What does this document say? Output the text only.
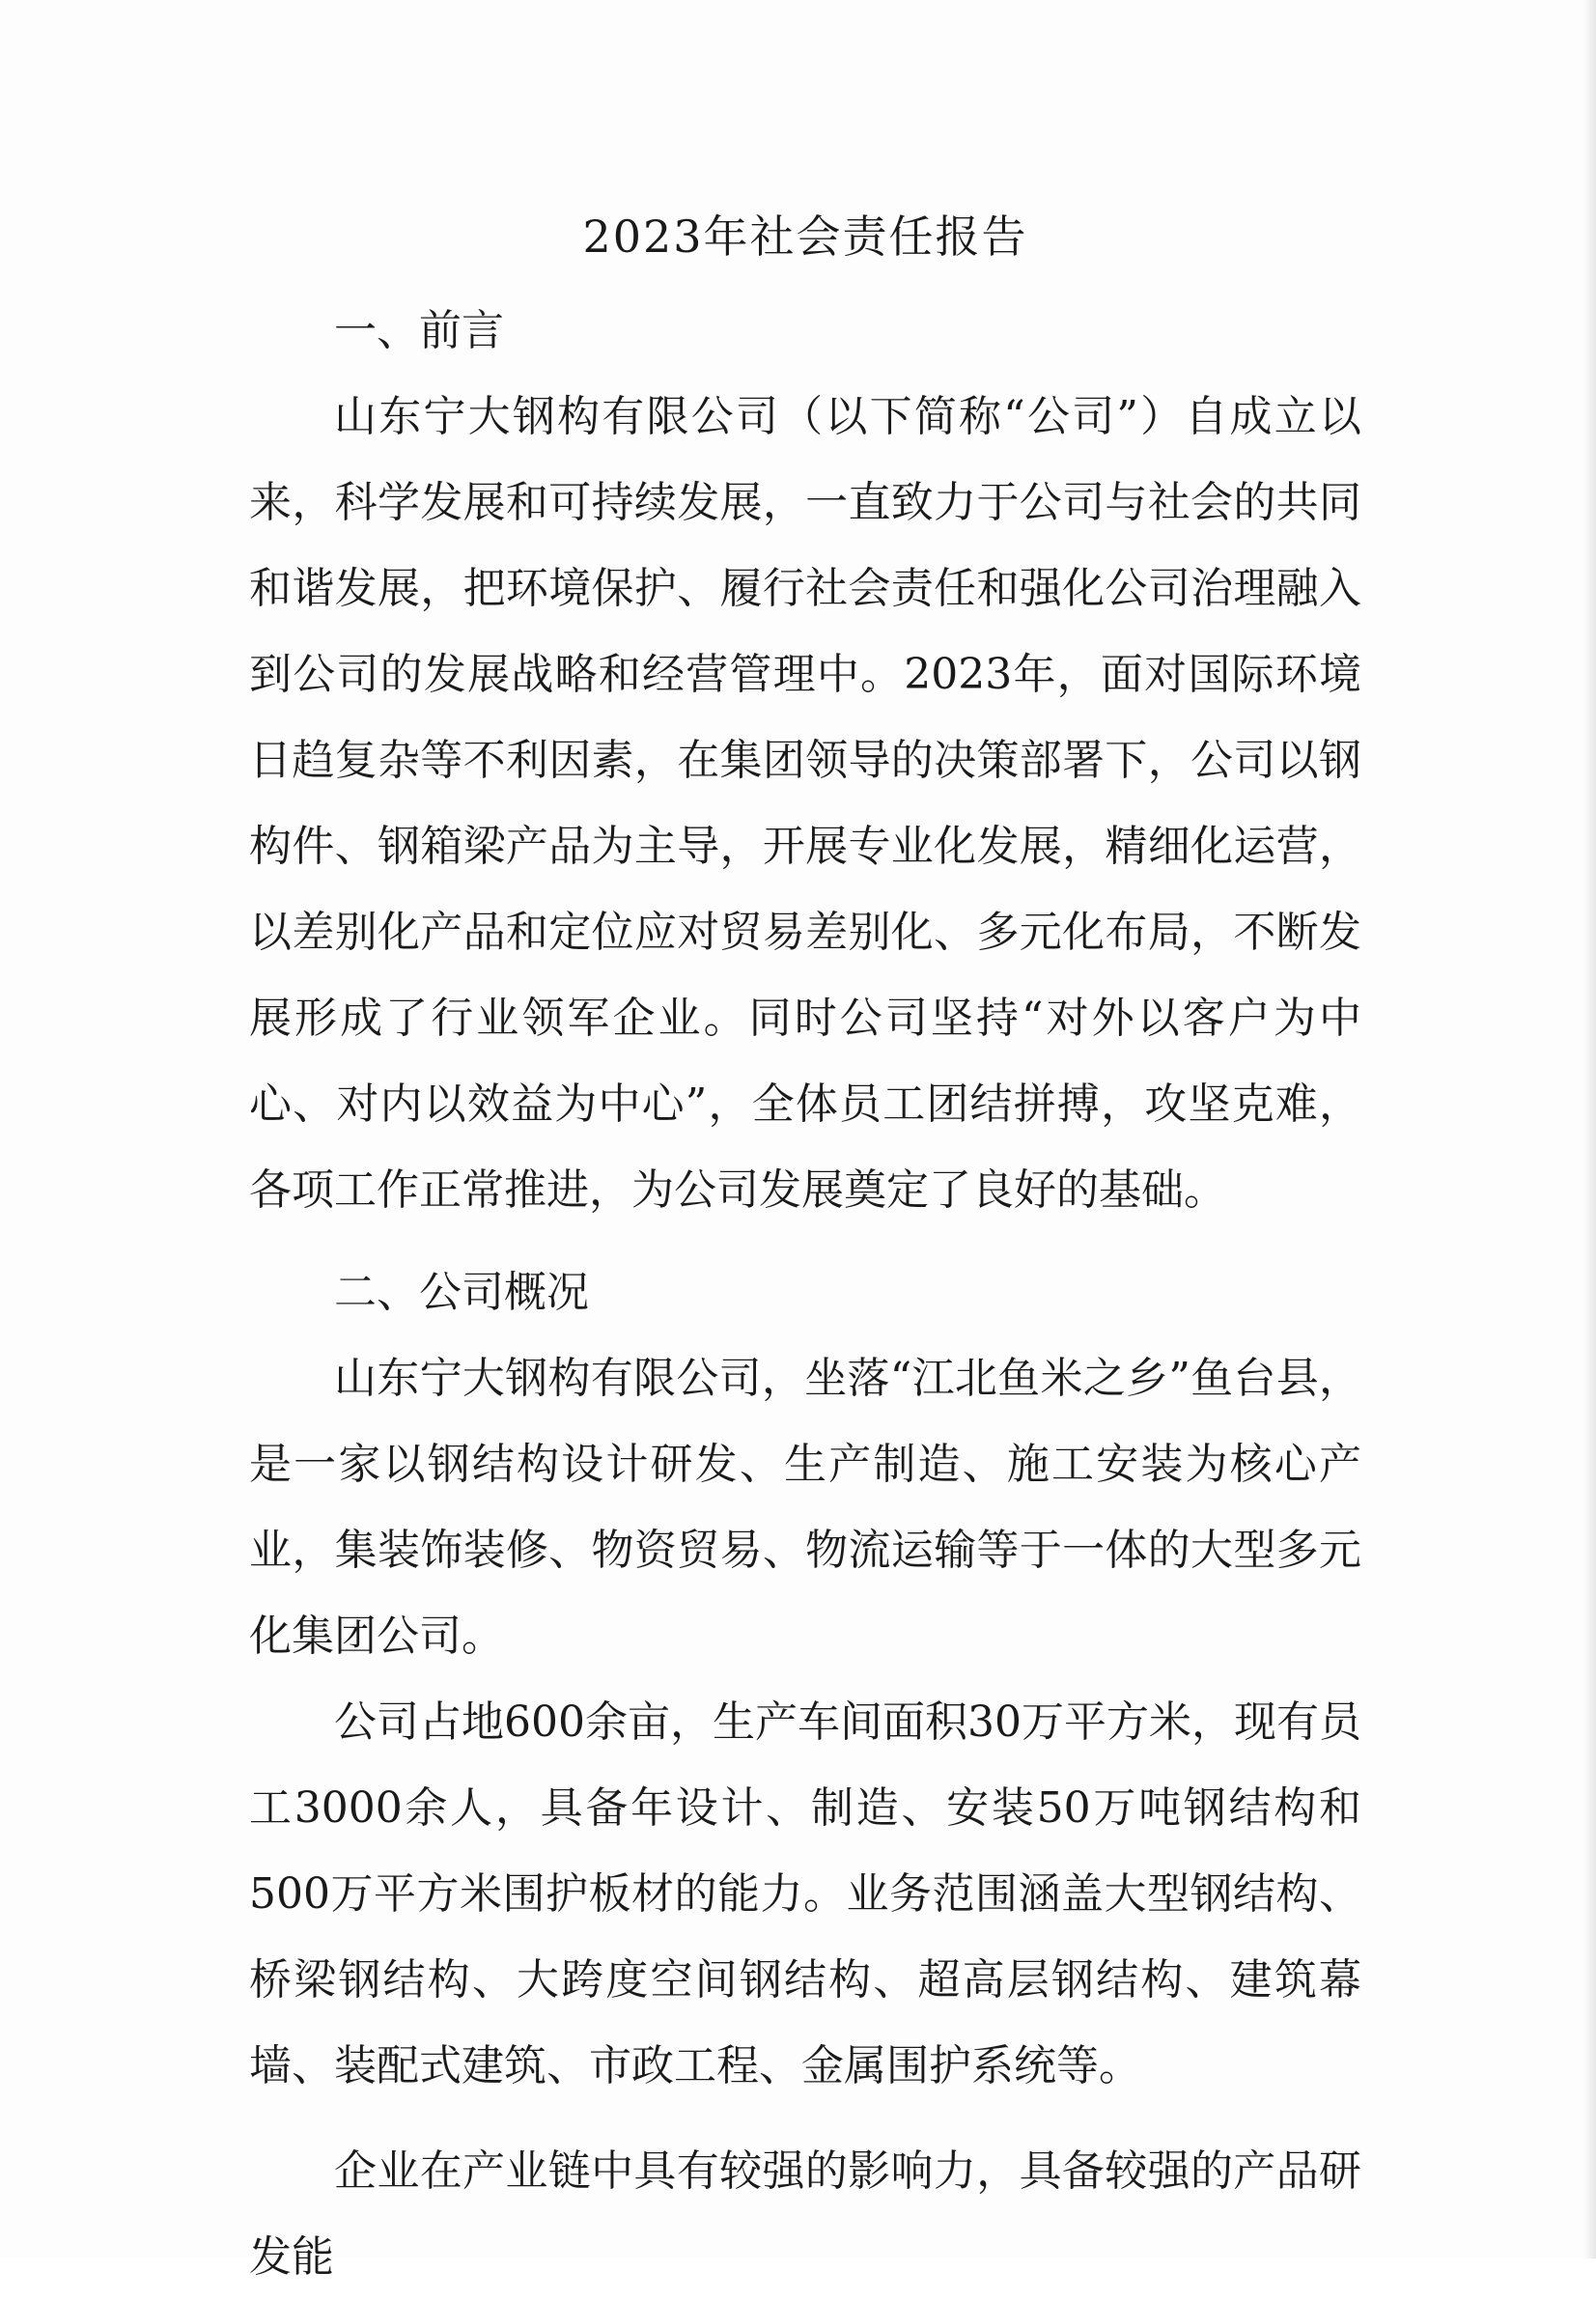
2023年社会责任报告
一、前言

山东宁大钢构有限公司（以下简称“公司”）自成立以来，科学发展和可持续发展，一直致力于公司与社会的共同和谐发展，把环境保护、履行社会责任和强化公司治理融入到公司的发展战略和经营管理中。2023年，面对国际环境日趋复杂等不利因素，在集团领导的决策部署下，公司以钢构件、钢箱梁产品为主导，开展专业化发展，精细化运营，以差别化产品和定位应对贸易差别化、多元化布局，不断发展形成了行业领军企业。同时公司坚持“对外以客户为中心、对内以效益为中心”，全体员工团结拼搏，攻坚克难，各项工作正常推进，为公司发展奠定了良好的基础。

二、公司概况

山东宁大钢构有限公司，坐落“江北鱼米之乡”鱼台县，是一家以钢结构设计研发、生产制造、施工安装为核心产业，集装饰装修、物资贸易、物流运输等于一体的大型多元化集团公司。

公司占地600余亩，生产车间面积30万平方米，现有员工3000余人，具备年设计、制造、安装50万吨钢结构和500万平方米围护板材的能力。业务范围涵盖大型钢结构、桥梁钢结构、大跨度空间钢结构、超高层钢结构、建筑幕墙、装配式建筑、市政工程、金属围护系统等。

企业在产业链中具有较强的影响力，具备较强的产品研发能
